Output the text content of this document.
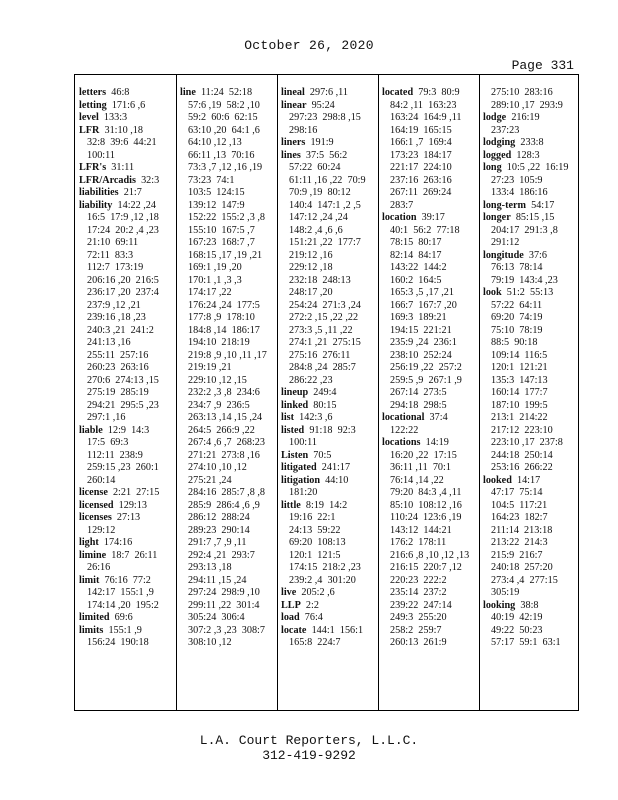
October 26, 2020
Page 331
letters 46:8
letting 171:6 ,6
level 133:3
LFR 31:10 ,18
32:8  39:6  44:21
100:11
LFR's 31:11
LFR/Arcadis 32:3
liabilities 21:7
liability 14:22 ,24
16:5  17:9 ,12 ,18
17:24  20:2 ,4 ,23
21:10  69:11
72:11  83:3
112:7  173:19
206:16 ,20  216:5
236:17 ,20  237:4
237:9 ,12 ,21
239:16 ,18 ,23
240:3 ,21  241:2
241:13 ,16
255:11  257:16
260:23  263:16
270:6  274:13 ,15
275:19  285:19
294:21  295:5 ,23
297:1 ,16
liable 12:9  14:3
17:5  69:3
112:11  238:9
259:15 ,23  260:1
260:14
license 2:21  27:15
licensed 129:13
licenses 27:13
129:12
light 174:16
limine 18:7  26:11
26:16
limit 76:16  77:2
142:17  155:1 ,9
174:14 ,20  195:2
limited 69:6
limits 155:1 ,9
156:24  190:18
line 11:24  52:18
57:6 ,19  58:2 ,10
59:2  60:6  62:15
63:10 ,20  64:1 ,6
64:10 ,12 ,13
66:11 ,13  70:16
73:3 ,7 ,12 ,16 ,19
73:23  74:1
103:5  124:15
139:12  147:9
152:22  155:2 ,3 ,8
155:10  167:5 ,7
167:23  168:7 ,7
168:15 ,17 ,19 ,21
169:1 ,19 ,20
170:1 ,1 ,3 ,3
174:17 ,22
176:24 ,24  177:5
177:8 ,9  178:10
184:8 ,14  186:17
194:10  218:19
219:8 ,9 ,10 ,11 ,17
219:19 ,21
229:10 ,12 ,15
232:2 ,3 ,8  234:6
234:7 ,9  236:5
263:13 ,14 ,15 ,24
264:5  266:9 ,22
267:4 ,6 ,7  268:23
271:21  273:8 ,16
274:10 ,10 ,12
275:21 ,24
284:16  285:7 ,8 ,8
285:9  286:4 ,6 ,9
286:12  288:24
289:23  290:14
291:7 ,7 ,9 ,11
292:4 ,21  293:7
293:13 ,18
294:11 ,15 ,24
297:24  298:9 ,10
299:11 ,22  301:4
305:24  306:4
307:2 ,3 ,23  308:7
308:10 ,12
lineal 297:6 ,11
linear 95:24
297:23  298:8 ,15
298:16
liners 191:9
lines 37:5  56:2
57:22  60:24
61:11 ,16 ,22  70:9
70:9 ,19  80:12
140:4  147:1 ,2 ,5
147:12 ,24 ,24
148:2 ,4 ,6 ,6
151:21 ,22  177:7
219:12 ,16
229:12 ,18
232:18  248:13
248:17 ,20
254:24  271:3 ,24
272:2 ,15 ,22 ,22
273:3 ,5 ,11 ,22
274:1 ,21  275:15
275:16  276:11
284:8 ,24  285:7
286:22 ,23
lineup 249:4
linked 80:15
list 142:3 ,6
listed 91:18  92:3
100:11
Listen 70:5
litigated 241:17
litigation 44:10
181:20
little 8:19  14:2
19:16  22:1
24:13  59:22
69:20  108:13
120:1  121:5
174:15  218:2 ,23
239:2 ,4  301:20
live 205:2 ,6
LLP 2:2
load 76:4
locate 144:1  156:1
165:8  224:7
located 79:3  80:9
84:2 ,11  163:23
163:24  164:9 ,11
164:19  165:15
166:1 ,7  169:4
173:23  184:17
221:17  224:10
237:16  263:16
267:11  269:24
283:7
location 39:17
40:1  56:2  77:18
78:15  80:17
82:14  84:17
143:22  144:2
160:2  164:5
165:3 ,5 ,17 ,21
166:7  167:7 ,20
169:3  189:21
194:15  221:21
235:9 ,24  236:1
238:10  252:24
256:19 ,22  257:2
259:5 ,9  267:1 ,9
267:14  273:5
294:18  298:5
locational 37:4
122:22
locations 14:19
16:20 ,22  17:15
36:11 ,11  70:1
76:14 ,14 ,22
79:20  84:3 ,4 ,11
85:10  108:12 ,16
110:24  123:6 ,19
143:12  144:21
176:2  178:11
216:6 ,8 ,10 ,12 ,13
216:15  220:7 ,12
220:23  222:2
235:14  237:2
239:22  247:14
249:3  255:20
258:2  259:7
260:13  261:9
275:10  283:16
289:10 ,17  293:9
lodge 216:19
237:23
lodging 233:8
logged 128:3
long 10:5 ,22  16:19
27:23  105:9
133:4  186:16
long-term 54:17
longer 85:15 ,15
204:17  291:3 ,8
291:12
longitude 37:6
76:13  78:14
79:19  143:4 ,23
look 51:2  55:13
57:22  64:11
69:20  74:19
75:10  78:19
88:5  90:18
109:14  116:5
120:1  121:21
135:3  147:13
160:14  177:7
187:10  199:5
213:1  214:22
217:12  223:10
223:10 ,17  237:8
244:18  250:14
253:16  266:22
looked 14:17
47:17  75:14
104:5  117:21
164:23  182:7
211:14  213:18
213:22  214:3
215:9  216:7
240:18  257:20
273:4 ,4  277:15
305:19
looking 38:8
40:19  42:19
49:22  50:23
57:17  59:1  63:1
L.A. Court Reporters, L.L.C.
312-419-9292
